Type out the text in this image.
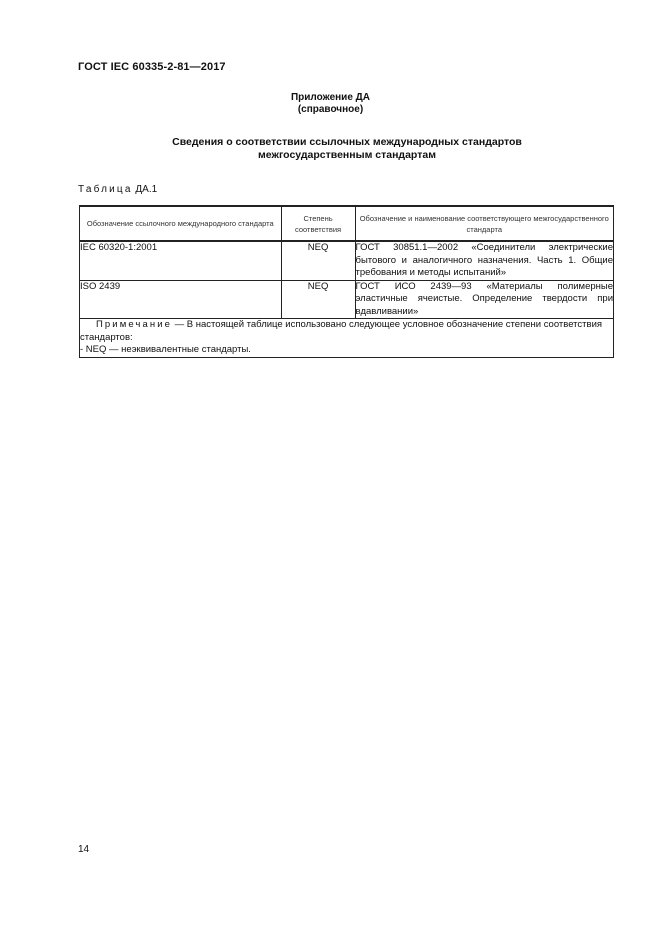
ГОСТ IEC 60335-2-81—2017
Приложение ДА
(справочное)
Сведения о соответствии ссылочных международных стандартов
межгосударственным стандартам
Таблица ДА.1
Обозначение ссылочного международного стандарта	Степень соответствия	Обозначение и наименование соответствующего межгосударственного стандарта
IEC 60320-1:2001	NEQ	ГОСТ 30851.1—2002 «Соединители электрические бытового и аналогичного назначения. Часть 1. Общие требования и методы испытаний»
ISO 2439	NEQ	ГОСТ ИСО 2439—93 «Материалы полимерные эластичные ячеистые. Определение твердости при вдавливании»
Примечание — В настоящей таблице использовано следующее условное обозначение степени соответствия стандартов:
- NEQ — неэквивалентные стандарты.		
14
